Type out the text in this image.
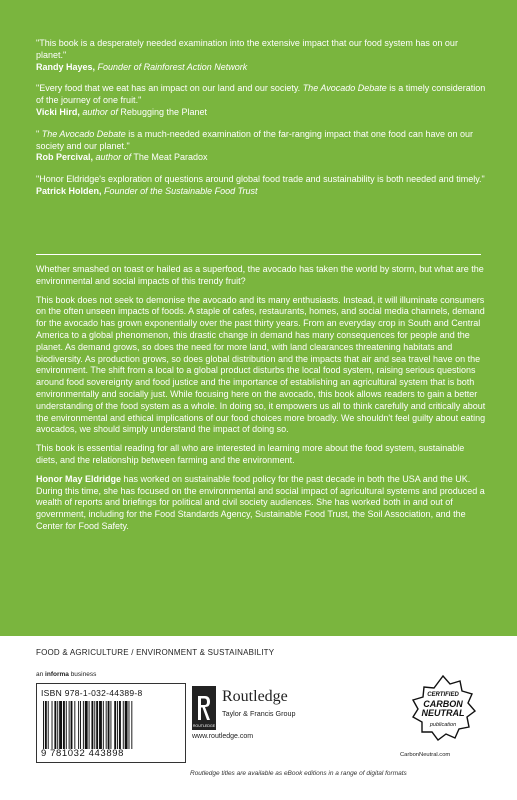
"This book is a desperately needed examination into the extensive impact that our food system has on our planet."
Randy Hayes, Founder of Rainforest Action Network
"Every food that we eat has an impact on our land and our society. The Avocado Debate is a timely consideration of the journey of one fruit."
Vicki Hird, author of Rebugging the Planet
" The Avocado Debate is a much-needed examination of the far-ranging impact that one food can have on our society and our planet."
Rob Percival, author of The Meat Paradox
"Honor Eldridge's exploration of questions around global food trade and sustainability is both needed and timely."
Patrick Holden, Founder of the Sustainable Food Trust

Whether smashed on toast or hailed as a superfood, the avocado has taken the world by storm, but what are the environmental and social impacts of this trendy fruit?

This book does not seek to demonise the avocado and its many enthusiasts. Instead, it will illuminate consumers on the often unseen impacts of foods. A staple of cafes, restaurants, homes, and social media channels, demand for the avocado has grown exponentially over the past thirty years. From an everyday crop in South and Central America to a global phenomenon, this drastic change in demand has many consequences for people and the planet. As demand grows, so does the need for more land, with land clearances threatening habitats and biodiversity. As production grows, so does global distribution and the impacts that air and sea travel have on the environment. The shift from a local to a global product disturbs the local food system, raising serious questions around food sovereignty and food justice and the importance of establishing an agricultural system that is both environmentally and socially just. While focusing here on the avocado, this book allows readers to gain a better understanding of the food system as a whole. In doing so, it empowers us all to think carefully and critically about the environmental and ethical implications of our food choices more broadly. We shouldn't feel guilty about eating avocados, we should simply understand the impact of doing so.

This book is essential reading for all who are interested in learning more about the food system, sustainable diets, and the relationship between farming and the environment.

Honor May Eldridge has worked on sustainable food policy for the past decade in both the USA and the UK. During this time, she has focused on the environmental and social impact of agricultural systems and produced a wealth of reports and briefings for political and civil society audiences. She has worked both in and out of government, including for the Food Standards Agency, Sustainable Food Trust, the Soil Association, and the Center for Food Safety.

FOOD & AGRICULTURE / ENVIRONMENT & SUSTAINABILITY
an informa business
ISBN 978-1-032-44389-8
9 781032 443898
ROUTLEDGE
Routledge
Taylor & Francis Group
www.routledge.com
CERTIFIED
CARBON
NEUTRAL
publication
CarbonNeutral.com
Routledge titles are available as eBook editions in a range of digital formats
